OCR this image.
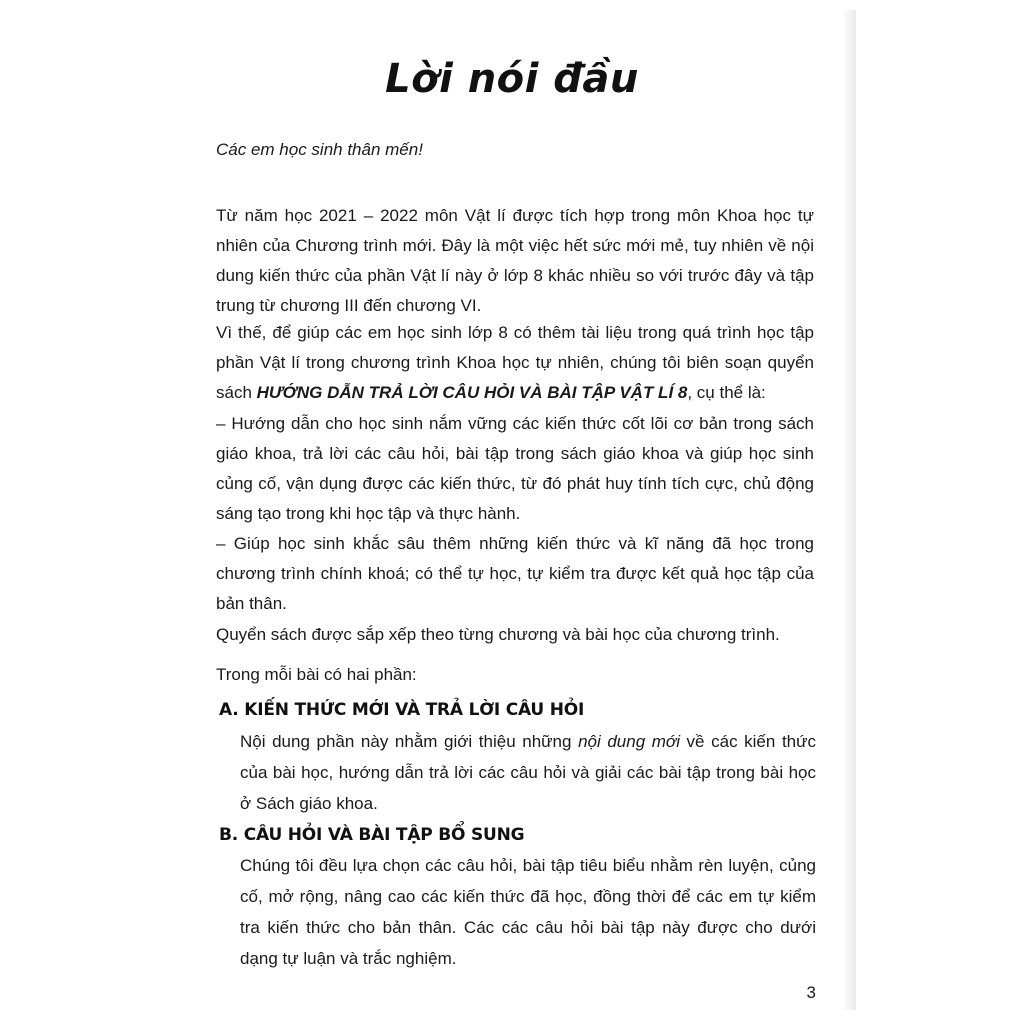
Lời nói đầu
Các em học sinh thân mến!
Từ năm học 2021 – 2022 môn Vật lí được tích hợp trong môn Khoa học tự nhiên của Chương trình mới. Đây là một việc hết sức mới mẻ, tuy nhiên về nội dung kiến thức của phần Vật lí này ở lớp 8 khác nhiều so với trước đây và tập trung từ chương III đến chương VI.
Vì thế, để giúp các em học sinh lớp 8 có thêm tài liệu trong quá trình học tập phần Vật lí trong chương trình Khoa học tự nhiên, chúng tôi biên soạn quyển sách HƯỚNG DẪN TRẢ LỜI CÂU HỎI VÀ BÀI TẬP VẬT LÍ 8, cụ thể là:
– Hướng dẫn cho học sinh nắm vững các kiến thức cốt lõi cơ bản trong sách giáo khoa, trả lời các câu hỏi, bài tập trong sách giáo khoa và giúp học sinh củng cố, vận dụng được các kiến thức, từ đó phát huy tính tích cực, chủ động sáng tạo trong khi học tập và thực hành.
– Giúp học sinh khắc sâu thêm những kiến thức và kĩ năng đã học trong chương trình chính khoá; có thể tự học, tự kiểm tra được kết quả học tập của bản thân.
Quyển sách được sắp xếp theo từng chương và bài học của chương trình.
Trong mỗi bài có hai phần:
A. KIẾN THỨC MỚI VÀ TRẢ LỜI CÂU HỎI
Nội dung phần này nhằm giới thiệu những nội dung mới về các kiến thức của bài học, hướng dẫn trả lời các câu hỏi và giải các bài tập trong bài học ở Sách giáo khoa.
B. CÂU HỎI VÀ BÀI TẬP BỔ SUNG
Chúng tôi đều lựa chọn các câu hỏi, bài tập tiêu biểu nhằm rèn luyện, củng cố, mở rộng, nâng cao các kiến thức đã học, đồng thời để các em tự kiểm tra kiến thức cho bản thân. Các các câu hỏi bài tập này được cho dưới dạng tự luận và trắc nghiệm.
3
